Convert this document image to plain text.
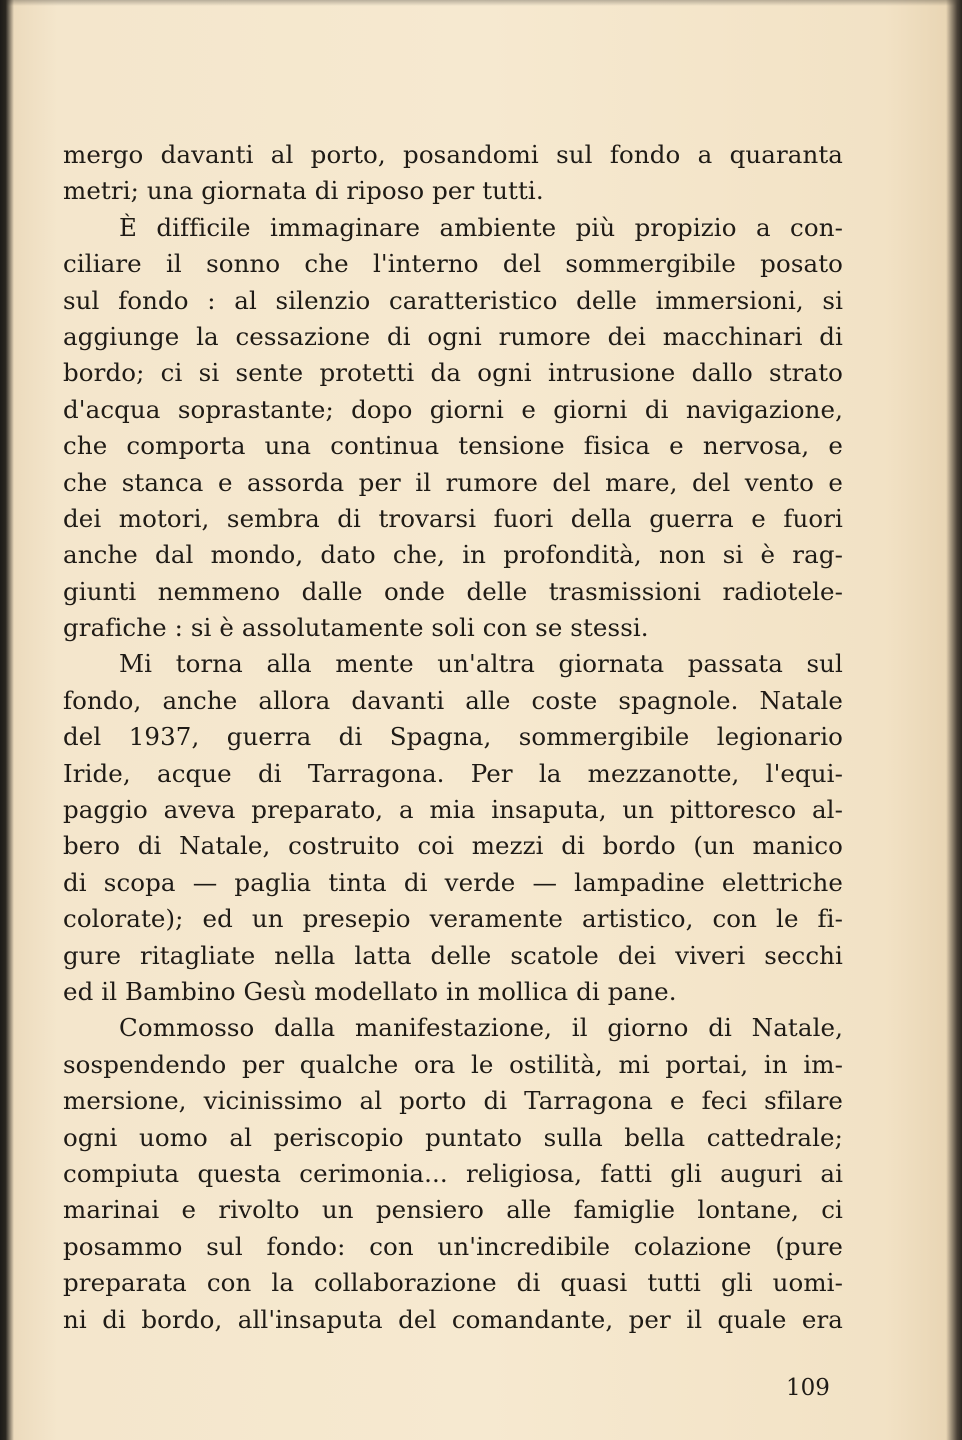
mergo davanti al porto, posandomi sul fondo a quaranta
metri; una giornata di riposo per tutti.
È difficile immaginare ambiente più propizio a con-
ciliare il sonno che l'interno del sommergibile posato
sul fondo : al silenzio caratteristico delle immersioni, si
aggiunge la cessazione di ogni rumore dei macchinari di
bordo; ci si sente protetti da ogni intrusione dallo strato
d'acqua soprastante; dopo giorni e giorni di navigazione,
che comporta una continua tensione fisica e nervosa, e
che stanca e assorda per il rumore del mare, del vento e
dei motori, sembra di trovarsi fuori della guerra e fuori
anche dal mondo, dato che, in profondità, non si è rag-
giunti nemmeno dalle onde delle trasmissioni radiotele-
grafiche : si è assolutamente soli con se stessi.
Mi torna alla mente un'altra giornata passata sul
fondo, anche allora davanti alle coste spagnole. Natale
del 1937, guerra di Spagna, sommergibile legionario
Iride, acque di Tarragona. Per la mezzanotte, l'equi-
paggio aveva preparato, a mia insaputa, un pittoresco al-
bero di Natale, costruito coi mezzi di bordo (un manico
di scopa — paglia tinta di verde — lampadine elettriche
colorate); ed un presepio veramente artistico, con le fi-
gure ritagliate nella latta delle scatole dei viveri secchi
ed il Bambino Gesù modellato in mollica di pane.
Commosso dalla manifestazione, il giorno di Natale,
sospendendo per qualche ora le ostilità, mi portai, in im-
mersione, vicinissimo al porto di Tarragona e feci sfilare
ogni uomo al periscopio puntato sulla bella cattedrale;
compiuta questa cerimonia... religiosa, fatti gli auguri ai
marinai e rivolto un pensiero alle famiglie lontane, ci
posammo sul fondo: con un'incredibile colazione (pure
preparata con la collaborazione di quasi tutti gli uomi-
ni di bordo, all'insaputa del comandante, per il quale era
109
